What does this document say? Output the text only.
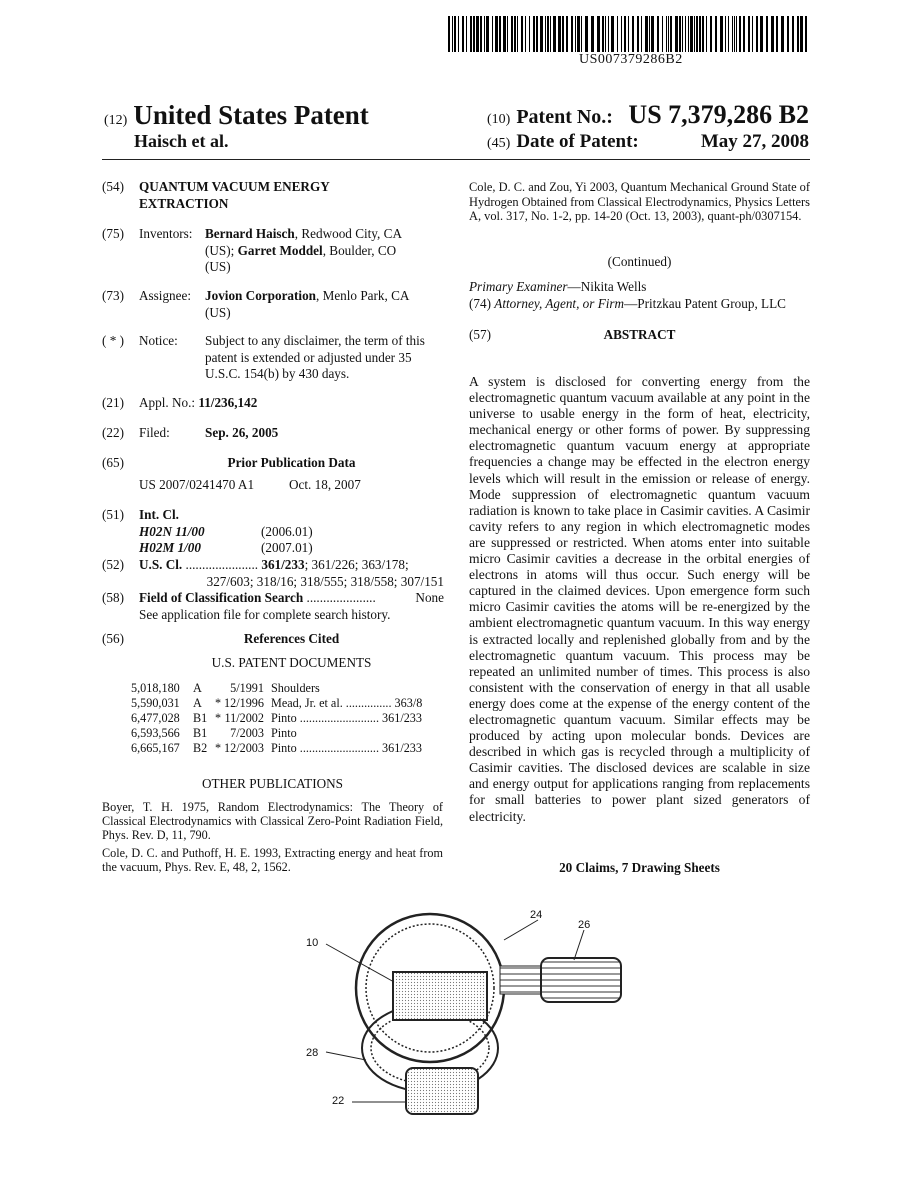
US007379286B2
(12) United States Patent
Haisch et al.
(10) Patent No.: US 7,379,286 B2
(45) Date of Patent:	May 27, 2008
(54) QUANTUM VACUUM ENERGY
EXTRACTION
(75) Inventors: Bernard Haisch, Redwood City, CA
(US); Garret Moddel, Boulder, CO
(US)
(73) Assignee: Jovion Corporation, Menlo Park, CA
(US)
( * ) Notice: Subject to any disclaimer, the term of this
patent is extended or adjusted under 35
U.S.C. 154(b) by 430 days.
(21) Appl. No.: 11/236,142
(22) Filed:	Sep. 26, 2005
(65)	Prior Publication Data
US 2007/0241470 A1	Oct. 18, 2007
(51) Int. Cl.
H02N 11/00	(2006.01)
H02M 1/00	(2007.01)
(52) U.S. Cl. ...................... 361/233; 361/226; 363/178;
327/603; 318/16; 318/555; 318/558; 307/151
(58) Field of Classification Search .....................	None
See application file for complete search history.
(56)	References Cited
U.S. PATENT DOCUMENTS
5,018,180 A 5/1991 Shoulders
5,590,031 A * 12/1996 Mead, Jr. et al. ............... 363/8
6,477,028 B1 * 11/2002 Pinto .......................... 361/233
6,593,566 B1 7/2003 Pinto
6,665,167 B2 * 12/2003 Pinto .......................... 361/233
OTHER PUBLICATIONS
Boyer, T. H. 1975, Random Electrodynamics: The Theory of Classical Electrodynamics with Classical Zero-Point Radiation Field, Phys. Rev. D, 11, 790.
Cole, D. C. and Puthoff, H. E. 1993, Extracting energy and heat from the vacuum, Phys. Rev. E, 48, 2, 1562.
Cole, D. C. and Zou, Yi 2003, Quantum Mechanical Ground State of Hydrogen Obtained from Classical Electrodynamics, Physics Letters A, vol. 317, No. 1-2, pp. 14-20 (Oct. 13, 2003), quant-ph/0307154.
(Continued)
Primary Examiner—Nikita Wells
(74) Attorney, Agent, or Firm—Pritzkau Patent Group, LLC
(57)	ABSTRACT
A system is disclosed for converting energy from the electromagnetic quantum vacuum available at any point in the universe to usable energy in the form of heat, electricity, mechanical energy or other forms of power. By suppressing electromagnetic quantum vacuum energy at appropriate frequencies a change may be effected in the electron energy levels which will result in the emission or release of energy. Mode suppression of electromagnetic quantum vacuum radiation is known to take place in Casimir cavities. A Casimir cavity refers to any region in which electromagnetic modes are suppressed or restricted. When atoms enter into suitable micro Casimir cavities a decrease in the orbital energies of electrons in atoms will thus occur. Such energy will be captured in the claimed devices. Upon emergence form such micro Casimir cavities the atoms will be re-energized by the ambient electromagnetic quantum vacuum. In this way energy is extracted locally and replenished globally from and by the electromagnetic quantum vacuum. This process may be repeated an unlimited number of times. This process is also consistent with the conservation of energy in that all usable energy does come at the expense of the energy content of the electromagnetic quantum vacuum. Similar effects may be produced by acting upon molecular bonds. Devices are described in which gas is recycled through a multiplicity of Casimir cavities. The disclosed devices are scalable in size and energy output for applications ranging from replacements for small batteries to power plant sized generators of electricity.
20 Claims, 7 Drawing Sheets
10
24
26
28
22
